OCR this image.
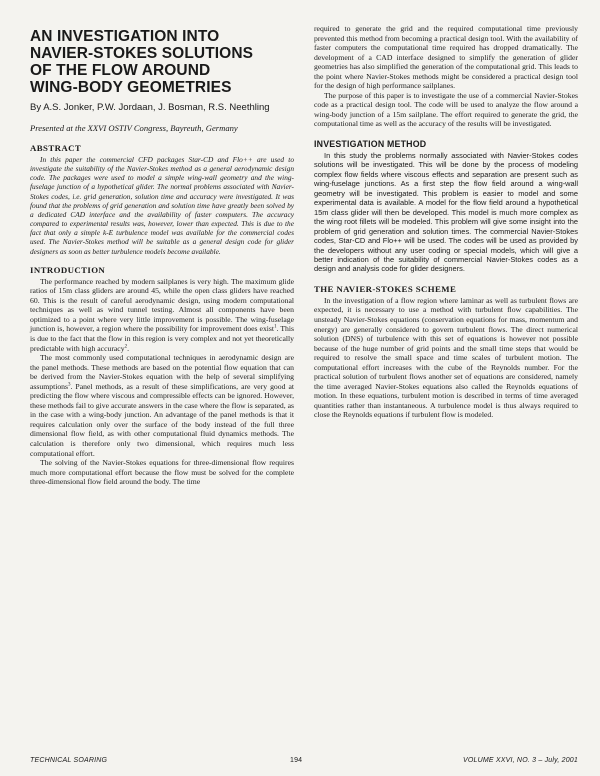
AN INVESTIGATION INTO
NAVIER-STOKES SOLUTIONS
OF THE FLOW AROUND
WING-BODY GEOMETRIES
By A.S. Jonker, P.W. Jordaan, J. Bosman, R.S. Neethling
Presented at the XXVI OSTIV Congress, Bayreuth, Germany
ABSTRACT

In this paper the commercial CFD packages Star-CD and Flo++ are used to investigate the suitability of the Navier-Stokes method as a general aerodynamic design code. The packages were used to model a simple wing-wall geometry and the wing-fuselage junction of a hypothetical glider. The normal problems associated with Navier-Stokes codes, i.e. grid generation, solution time and accuracy were investigated. It was found that the problems of grid generation and solution time have greatly been solved by a dedicated CAD interface and the availability of faster computers. The accuracy compared to experimental results was, however, lower than expected. This is due to the fact that only a simple k-E turbulence model was available for the commercial codes used. The Navier-Stokes method will be suitable as a general design code for glider designers as soon as better turbulence models become available.

INTRODUCTION

The performance reached by modern sailplanes is very high. The maximum glide ratios of 15m class gliders are around 45, while the open class gliders have reached 60. This is the result of careful aerodynamic design, using modern computational techniques as well as wind tunnel testing. Almost all components have been optimized to a point where very little improvement is possible. The wing-fuselage junction is, however, a region where the possibility for improvement does exist$^1$. This is due to the fact that the flow in this region is very complex and not yet theoretically predictable with high accuracy$^2$.

The most commonly used computational techniques in aerodynamic design are the panel methods. These methods are based on the potential flow equation that can be derived from the Navier-Stokes equation with the help of several simplifying assumptions$^3$. Panel methods, as a result of these simplifications, are very good at predicting the flow where viscous and compressible effects can be ignored. However, these methods fail to give accurate answers in the case where the flow is separated, as in the case with a wing-body junction. An advantage of the panel methods is that it requires calculation only over the surface of the body instead of the full three dimensional flow field, as with other computational fluid dynamics methods. The calculation is therefore only two dimensional, which requires much less computational effort.

The solving of the Navier-Stokes equations for three-dimensional flow requires much more computational effort because the flow must be solved for the complete three-dimensional flow field around the body. The time

required to generate the grid and the required computational time previously prevented this method from becoming a practical design tool. With the availability of faster computers the computational time required has dropped dramatically. The development of a CAD interface designed to simplify the generation of glider geometries has also simplified the generation of the computational grid. This leads to the point where Navier-Stokes methods might be considered a practical design tool for the design of high performance sailplanes.

The purpose of this paper is to investigate the use of a commercial Navier-Stokes code as a practical design tool. The code will be used to analyze the flow around a wing-body junction of a 15m sailplane. The effort required to generate the grid, the computational time as well as the accuracy of the results will be investigated.

INVESTIGATION METHOD

In this study the problems normally associated with Navier-Stokes codes solutions will be investigated. This will be done by the process of modeling complex flow fields where viscous effects and separation are present such as wing-fuselage junctions. As a first step the flow field around a wing-wall geometry will be investigated. This problem is easier to model and some experimental data is available. A model for the flow field around a hypothetical 15m class glider will then be developed. This model is much more complex as the wing root fillets will be modeled. This problem will give some insight into the problem of grid generation and solution times. The commercial Navier-Stokes codes, Star-CD and Flo++ will be used. The codes will be used as provided by the developers without any user coding or special models, which will give a better indication of the suitability of commercial Navier-Stokes codes as a design and analysis code for glider designers.

THE NAVIER-STOKES SCHEME

In the investigation of a flow region where laminar as well as turbulent flows are expected, it is necessary to use a method with turbulent flow capabilities. The unsteady Navier-Stokes equations (conservation equations for mass, momentum and energy) are generally considered to govern turbulent flows. The direct numerical solution (DNS) of turbulence with this set of equations is however not possible because of the huge number of grid points and the small time steps that would be required to resolve the small space and time scales of turbulent motion. The computational effort increases with the cube of the Reynolds number. For the practical solution of turbulent flows another set of equations are considered, namely the time averaged Navier-Stokes equations also called the Reynolds equations of motion. In these equations, turbulent motion is described in terms of time averaged quantities rather than instantaneous. A turbulence model is thus always required to close the Reynolds equations if turbulent flow is modeled.

TECHNICAL SOARING	194	VOLUME XXVI, NO. 3 – July, 2001
